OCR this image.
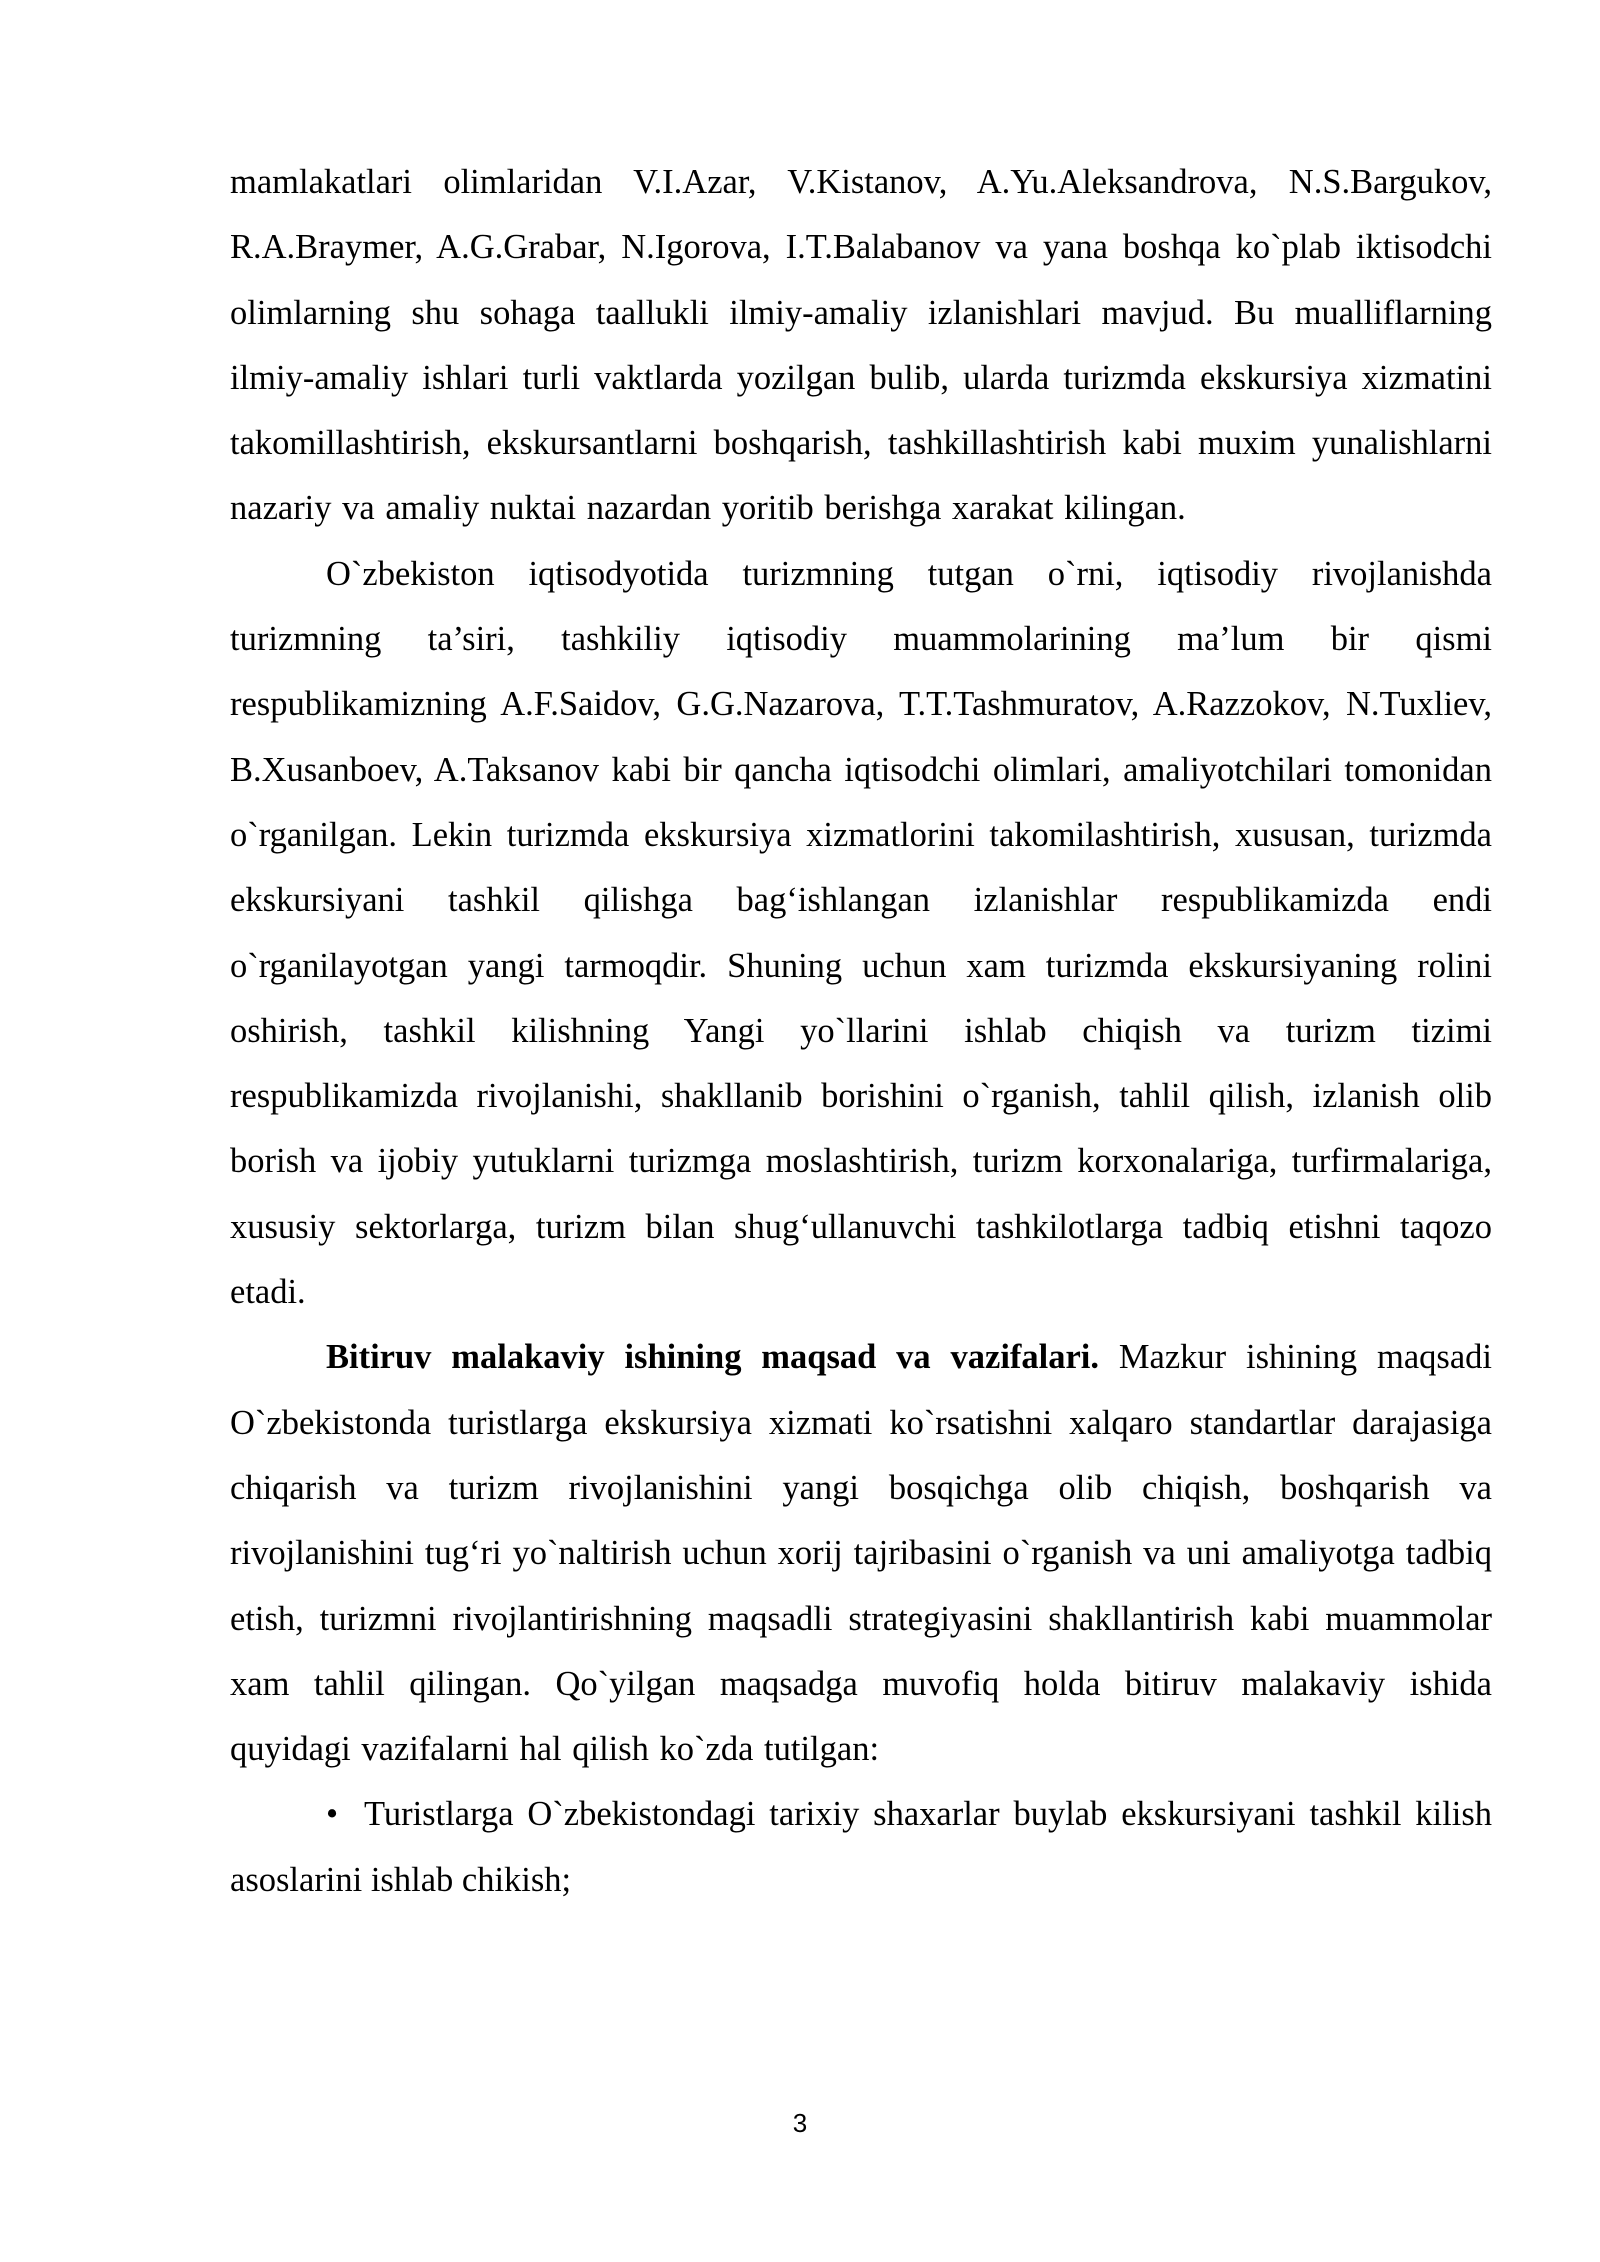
mamlakatlari olimlaridan V.I.Azar, V.Kistanov, A.Yu.Aleksandrova, N.S.Bargukov, R.A.Braymer, A.G.Grabar, N.Igorova, I.T.Balabanov va yana boshqa ko`plab iktisodchi olimlarning shu sohaga taallukli ilmiy-amaliy izlanishlari mavjud. Bu mualliflarning ilmiy-amaliy ishlari turli vaktlarda yozilgan bulib, ularda turizmda ekskursiya xizmatini takomillashtirish, ekskursantlarni boshqarish, tashkillashtirish kabi muxim yunalishlarni nazariy va amaliy nuktai nazardan yoritib berishga xarakat kilingan.

O`zbekiston iqtisodyotida turizmning tutgan o`rni, iqtisodiy rivojlanishda turizmning ta’siri, tashkiliy iqtisodiy muammolarining ma’lum bir qismi respublikamizning A.F.Saidov, G.G.Nazarova, T.T.Tashmuratov, A.Razzokov, N.Tuxliev, B.Xusanboev, A.Taksanov kabi bir qancha iqtisodchi olimlari, amaliyotchilari tomonidan o`rganilgan. Lekin turizmda ekskursiya xizmatlorini takomilashtirish, xususan, turizmda ekskursiyani tashkil qilishga bag‘ishlangan izlanishlar respublikamizda endi o`rganilayotgan yangi tarmoqdir. Shuning uchun xam turizmda ekskursiyaning rolini oshirish, tashkil kilishning Yangi yo`llarini ishlab chiqish va turizm tizimi respublikamizda rivojlanishi, shakllanib borishini o`rganish, tahlil qilish, izlanish olib borish va ijobiy yutuklarni turizmga moslashtirish, turizm korxonalariga, turfirmalariga, xususiy sektorlarga, turizm bilan shug‘ullanuvchi tashkilotlarga tadbiq etishni taqozo etadi.

Bitiruv malakaviy ishining maqsad va vazifalari. Mazkur ishining maqsadi O`zbekistonda turistlarga ekskursiya xizmati ko`rsatishni xalqaro standartlar darajasiga chiqarish va turizm rivojlanishini yangi bosqichga olib chiqish, boshqarish va rivojlanishini tug‘ri yo`naltirish uchun xorij tajribasini o`rganish va uni amaliyotga tadbiq etish, turizmni rivojlantirishning maqsadli strategiyasini shakllantirish kabi muammolar xam tahlil qilingan. Qo`yilgan maqsadga muvofiq holda bitiruv malakaviy ishida quyidagi vazifalarni hal qilish ko`zda tutilgan:

• Turistlarga O`zbekistondagi tarixiy shaxarlar buylab ekskursiyani tashkil kilish asoslarini ishlab chikish;

3
